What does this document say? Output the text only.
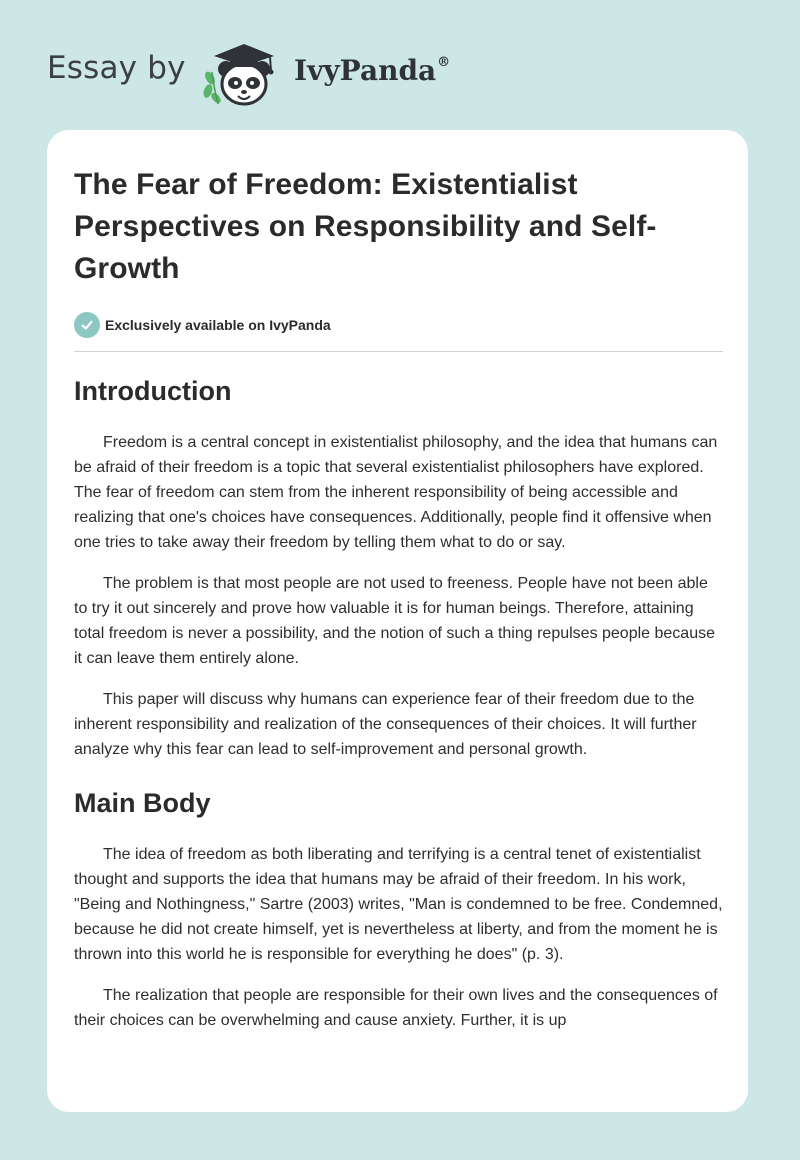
Essay by	IvyPanda®
The Fear of Freedom: Existentialist Perspectives on Responsibility and Self-Growth
Exclusively available on IvyPanda
Introduction

Freedom is a central concept in existentialist philosophy, and the idea that humans can be afraid of their freedom is a topic that several existentialist philosophers have explored. The fear of freedom can stem from the inherent responsibility of being accessible and realizing that one's choices have consequences. Additionally, people find it offensive when one tries to take away their freedom by telling them what to do or say.

The problem is that most people are not used to freeness. People have not been able to try it out sincerely and prove how valuable it is for human beings. Therefore, attaining total freedom is never a possibility, and the notion of such a thing repulses people because it can leave them entirely alone.

This paper will discuss why humans can experience fear of their freedom due to the inherent responsibility and realization of the consequences of their choices. It will further analyze why this fear can lead to self-improvement and personal growth.

Main Body

The idea of freedom as both liberating and terrifying is a central tenet of existentialist thought and supports the idea that humans may be afraid of their freedom. In his work, "Being and Nothingness," Sartre (2003) writes, "Man is condemned to be free. Condemned, because he did not create himself, yet is nevertheless at liberty, and from the moment he is thrown into this world he is responsible for everything he does" (p. 3).

The realization that people are responsible for their own lives and the consequences of their choices can be overwhelming and cause anxiety. Further, it is up
